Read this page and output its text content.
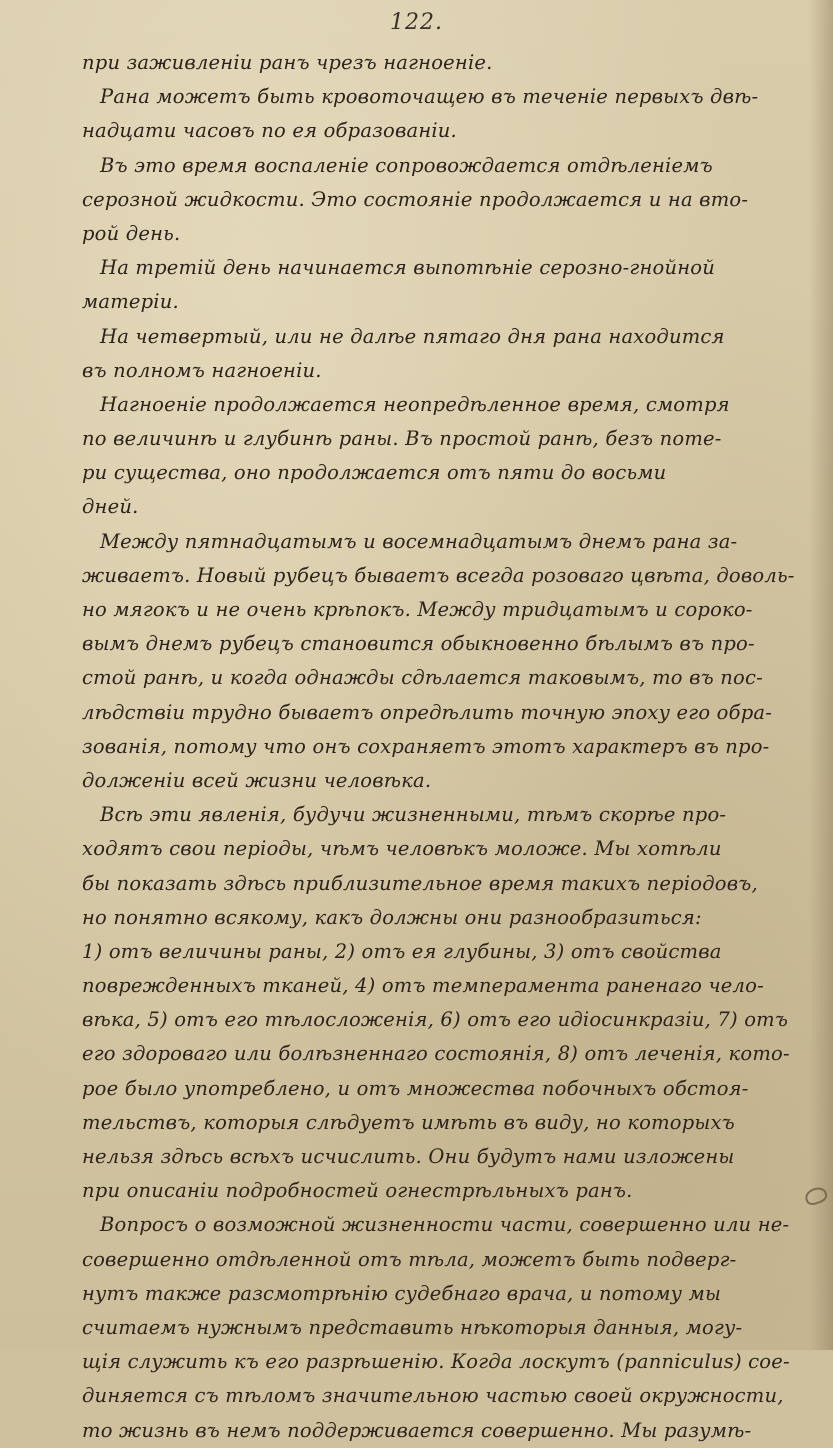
122.
при заживленiи ранъ чрезъ нагноенiе.
Рана можетъ быть кровоточащею въ теченiе первыхъ двѣ-
надцати часовъ по ея образованiи.
Въ это время воспаленiе сопровождается отдѣленiемъ
серозной жидкости. Это состоянiе продолжается и на вто-
рой день.
На третiй день начинается выпотѣнiе серозно-гнойной
матерiи.
На четвертый, или не далѣе пятаго дня рана находится
въ полномъ нагноенiи.
Нагноенiе продолжается неопредѣленное время, смотря
по величинѣ и глубинѣ раны. Въ простой ранѣ, безъ поте-
ри существа, оно продолжается отъ пяти до восьми
дней.
Между пятнадцатымъ и восемнадцатымъ днемъ рана за-
живаетъ. Новый рубецъ бываетъ всегда розоваго цвѣта, доволь-
но мягокъ и не очень крѣпокъ. Между тридцатымъ и сороко-
вымъ днемъ рубецъ становится обыкновенно бѣлымъ въ про-
стой ранѣ, и когда однажды сдѣлается таковымъ, то въ пос-
лѣдствiи трудно бываетъ опредѣлить точную эпоху его обра-
зованiя, потому что онъ сохраняетъ этотъ характеръ въ про-
долженiи всей жизни человѣка.
Всѣ эти явленiя, будучи жизненными, тѣмъ скорѣе про-
ходятъ свои перiоды, чѣмъ человѣкъ моложе. Мы хотѣли
бы показать здѣсь приблизительное время такихъ перiодовъ,
но понятно всякому, какъ должны они разнообразиться:
1) отъ величины раны, 2) отъ ея глубины, 3) отъ свойства
поврежденныхъ тканей, 4) отъ темперамента раненаго чело-
вѣка, 5) отъ его тѣлосложенiя, 6) отъ его идiосинкразiи, 7) отъ
его здороваго или болѣзненнаго состоянiя, 8) отъ леченiя, кото-
рое было употреблено, и отъ множества побочныхъ обстоя-
тельствъ, которыя слѣдуетъ имѣть въ виду, но которыхъ
нельзя здѣсь всѣхъ исчислить. Они будутъ нами изложены
при описанiи подробностей огнестрѣльныхъ ранъ.
Вопросъ о возможной жизненности части, совершенно или не-
совершенно отдѣленной отъ тѣла, можетъ быть подверг-
нутъ также разсмотрѣнiю судебнаго врача, и потому мы
считаемъ нужнымъ представить нѣкоторыя данныя, могу-
щiя служить къ его разрѣшенiю. Когда лоскутъ (panniculus) сое-
диняется съ тѣломъ значительною частью своей окружности,
то жизнь въ немъ поддерживается совершенно. Мы разумѣ-
